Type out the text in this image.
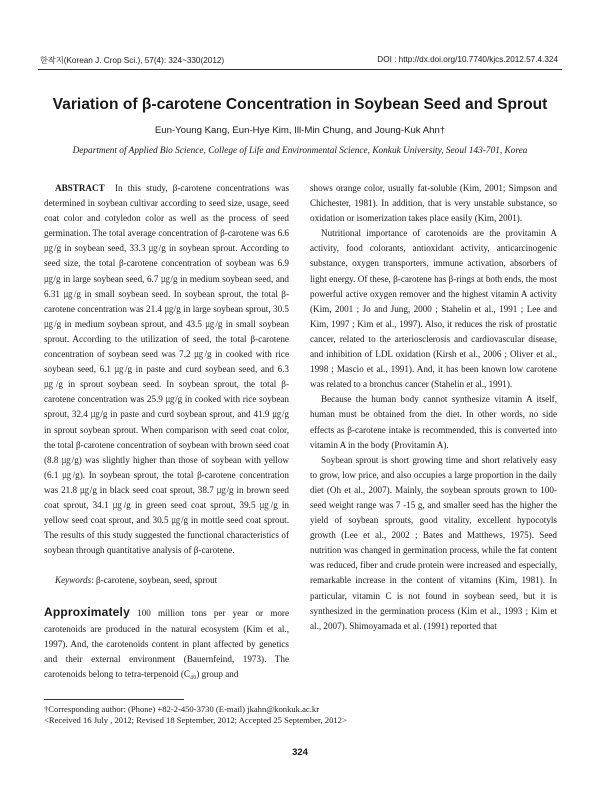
한작지(Korean J. Crop Sci.), 57(4): 324~330(2012)	DOI : http://dx.doi.org/10.7740/kjcs.2012.57.4.324
Variation of β-carotene Concentration in Soybean Seed and Sprout
Eun-Young Kang, Eun-Hye Kim, Ill-Min Chung, and Joung-Kuk Ahn†
Department of Applied Bio Science, College of Life and Environmental Science, Konkuk University, Seoul 143-701, Korea

ABSTRACT In this study, β-carotene concentrations was determined in soybean cultivar according to seed size, usage, seed coat color and cotyledon color as well as the process of seed germination. The total average concentration of β-carotene was 6.6 ㎍/g in soybean seed, 33.3 ㎍/g in soybean sprout. According to seed size, the total β-carotene concentration of soybean was 6.9 ㎍/g in large soybean seed, 6.7 ㎍/g in medium soybean seed, and 6.31 ㎍/g in small soybean seed. In soybean sprout, the total β-carotene concentration was 21.4 ㎍/g in large soybean sprout, 30.5 ㎍/g in medium soybean sprout, and 43.5 ㎍/g in small soybean sprout. According to the utilization of seed, the total β-carotene concentration of soybean seed was 7.2 ㎍/g in cooked with rice soybean seed, 6.1 ㎍/g in paste and curd soybean seed, and 6.3 ㎍/g in sprout soybean seed. In soybean sprout, the total β-carotene concentration was 25.9 ㎍/g in cooked with rice soybean sprout, 32.4 ㎍/g in paste and curd soybean sprout, and 41.9 ㎍/g in sprout soybean sprout. When comparison with seed coat color, the total β-carotene concentration of soybean with brown seed coat (8.8 ㎍/g) was slightly higher than those of soybean with yellow (6.1 ㎍/g). In soybean sprout, the total β-carotene concentration was 21.8 ㎍/g in black seed coat sprout, 38.7 ㎍/g in brown seed coat sprout, 34.1 ㎍/g in green seed coat sprout, 39.5 ㎍/g in yellow seed coat sprout, and 30.5 ㎍/g in mottle seed coat sprout. The results of this study suggested the functional characteristics of soybean through quantitative analysis of β-carotene.

Keywords: β-carotene, soybean, seed, sprout

Approximately 100 million tons per year or more carotenoids are produced in the natural ecosystem (Kim et al., 1997). And, the carotenoids content in plant affected by genetics and their external environment (Bauernfeind, 1973). The carotenoids belong to tetra-terpenoid (C₄₀) group and

shows orange color, usually fat-soluble (Kim, 2001; Simpson and Chichester, 1981). In addition, that is very unstable substance, so oxidation or isomerization takes place easily (Kim, 2001).

Nutritional importance of carotenoids are the provitamin A activity, food colorants, antioxidant activity, anticarcinogenic substance, oxygen transporters, immune activation, absorbers of light energy. Of these, β-carotene has β-rings at both ends, the most powerful active oxygen remover and the highest vitamin A activity (Kim, 2001 ; Jo and Jung, 2000 ; Stahelin et al., 1991 ; Lee and Kim, 1997 ; Kim et al., 1997). Also, it reduces the risk of prostatic cancer, related to the arteriosclerosis and cardiovascular disease, and inhibition of LDL oxidation (Kirsh et al., 2006 ; Oliver et al., 1998 ; Mascio et al., 1991). And, it has been known low carotene was related to a bronchus cancer (Stahelin et al., 1991).

Because the human body cannot synthesize vitamin A itself, human must be obtained from the diet. In other words, no side effects as β-carotene intake is recommended, this is converted into vitamin A in the body (Provitamin A).

Soybean sprout is short growing time and short relatively easy to grow, low price, and also occupies a large proportion in the daily diet (Oh et al., 2007). Mainly, the soybean sprouts grown to 100-seed weight range was 7 -15 g, and smaller seed has the higher the yield of soybean sprouts, good vitality, excellent hypocotyls growth (Lee et al., 2002 ; Bates and Matthews, 1975). Seed nutrition was changed in germination process, while the fat content was reduced, fiber and crude protein were increased and especially, remarkable increase in the content of vitamins (Kim, 1981). In particular, vitamin C is not found in soybean seed, but it is synthesized in the germination process (Kim et al., 1993 ; Kim et al., 2007). Shimoyamada et al. (1991) reported that

†Corresponding author: (Phone) +82-2-450-3730 (E-mail) jkahn@konkuk.ac.kr
<Received 16 July , 2012; Revised 18 September, 2012; Accepted 25 September, 2012>
324
